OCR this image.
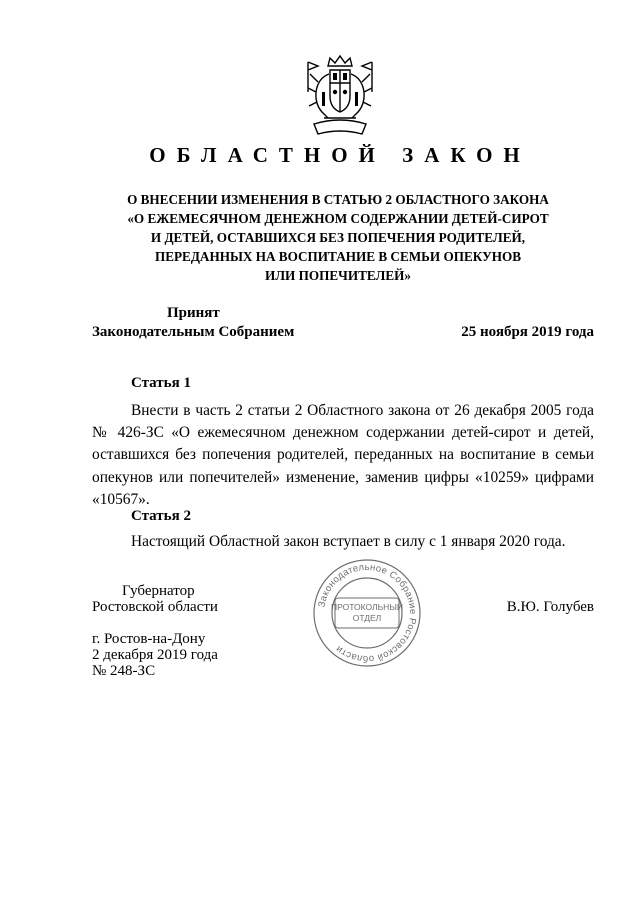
ОБЛАСТНОЙ ЗАКОН
О ВНЕСЕНИИ ИЗМЕНЕНИЯ В СТАТЬЮ 2 ОБЛАСТНОГО ЗАКОНА
«О ЕЖЕМЕСЯЧНОМ ДЕНЕЖНОМ СОДЕРЖАНИИ ДЕТЕЙ-СИРОТ
И ДЕТЕЙ, ОСТАВШИХСЯ БЕЗ ПОПЕЧЕНИЯ РОДИТЕЛЕЙ,
ПЕРЕДАННЫХ НА ВОСПИТАНИЕ В СЕМЬИ ОПЕКУНОВ
ИЛИ ПОПЕЧИТЕЛЕЙ»
Принят
Законодательным Собранием	25 ноября 2019 года
Статья 1
Внести в часть 2 статьи 2 Областного закона от 26 декабря 2005 года № 426-ЗС «О ежемесячном денежном содержании детей-сирот и детей, оставшихся без попечения родителей, переданных на воспитание в семьи опекунов или попечителей» изменение, заменив цифры «10259» цифрами «10567».
Статья 2
Настоящий Областной закон вступает в силу с 1 января 2020 года.
Губернатор
Ростовской области	В.Ю. Голубев
г. Ростов-на-Дону
2 декабря 2019 года
№ 248-ЗС
Законодательное Собрание Ростовской области
ПРОТОКОЛЬНЫЙ
ОТДЕЛ
